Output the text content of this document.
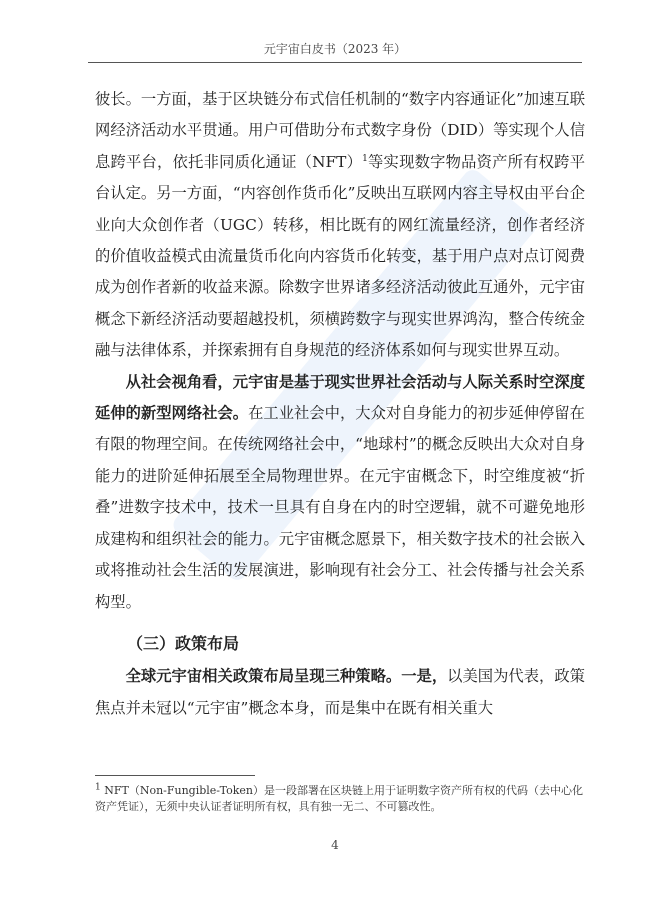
元宇宙白皮书（2023 年）

彼长。一方面，基于区块链分布式信任机制的“数字内容通证化”加速互联网经济活动水平贯通。用户可借助分布式数字身份（DID）等实现个人信息跨平台，依托非同质化通证（NFT）$^1$等实现数字物品资产所有权跨平台认定。另一方面，“内容创作货币化”反映出互联网内容主导权由平台企业向大众创作者（UGC）转移，相比既有的网红流量经济，创作者经济的价值收益模式由流量货币化向内容货币化转变，基于用户点对点订阅费成为创作者新的收益来源。除数字世界诸多经济活动彼此互通外，元宇宙概念下新经济活动要超越投机，须横跨数字与现实世界鸿沟，整合传统金融与法律体系，并探索拥有自身规范的经济体系如何与现实世界互动。

从社会视角看，元宇宙是基于现实世界社会活动与人际关系时空深度延伸的新型网络社会。在工业社会中，大众对自身能力的初步延伸停留在有限的物理空间。在传统网络社会中，“地球村”的概念反映出大众对自身能力的进阶延伸拓展至全局物理世界。在元宇宙概念下，时空维度被“折叠”进数字技术中，技术一旦具有自身在内的时空逻辑，就不可避免地形成建构和组织社会的能力。元宇宙概念愿景下，相关数字技术的社会嵌入或将推动社会生活的发展演进，影响现有社会分工、社会传播与社会关系构型。

（三）政策布局

全球元宇宙相关政策布局呈现三种策略。一是，以美国为代表，政策焦点并未冠以“元宇宙”概念本身，而是集中在既有相关重大

$^1$ NFT（Non-Fungible-Token）是一段部署在区块链上用于证明数字资产所有权的代码（去中心化资产凭证），无须中央认证者证明所有权，具有独一无二、不可篡改性。
4
